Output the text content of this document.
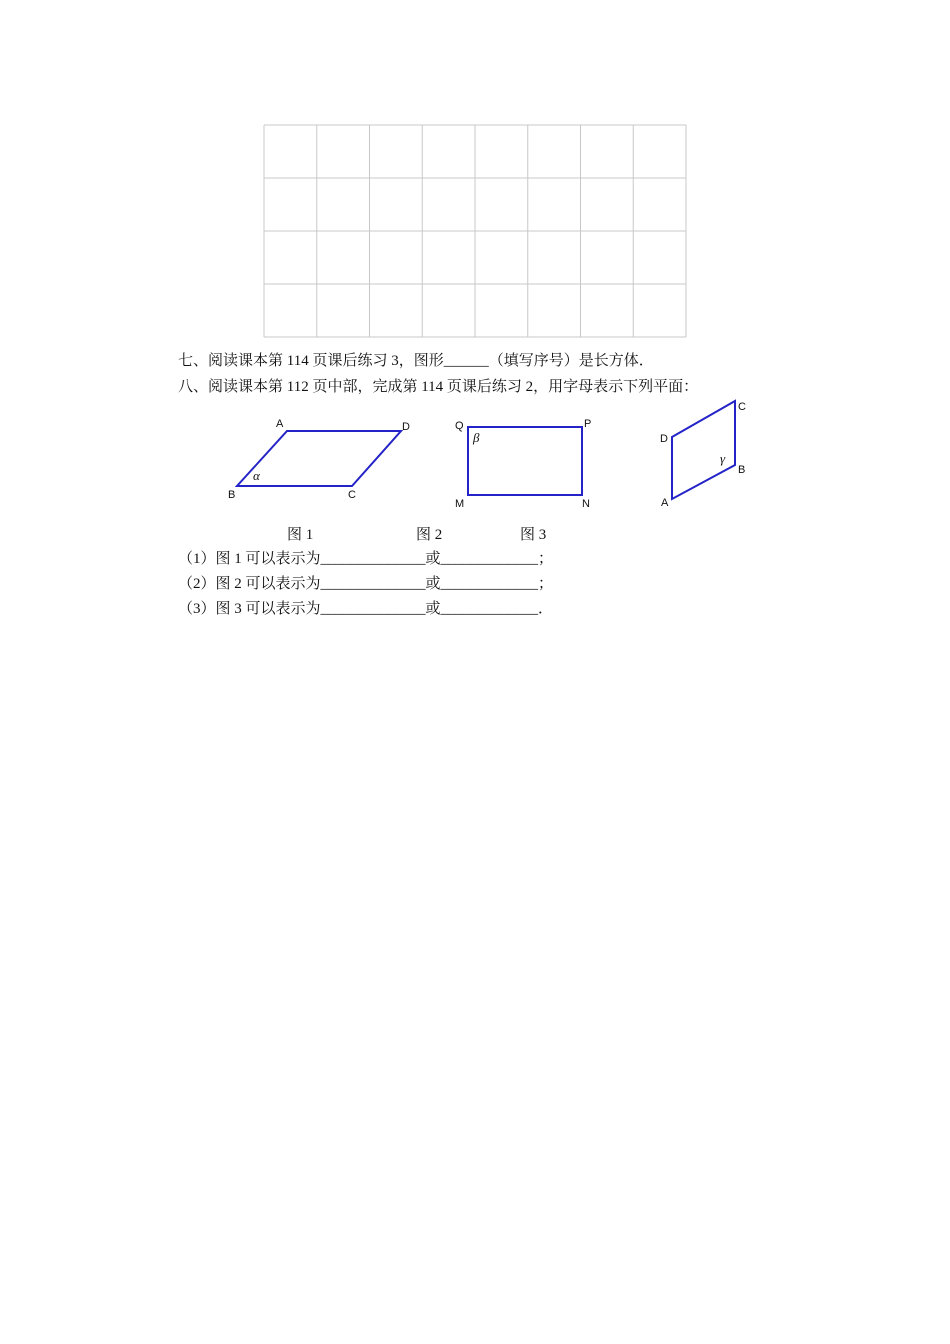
七、阅读课本第 114 页课后练习 3，图形______（填写序号）是长方体．
八、阅读课本第 112 页中部，完成第 114 页课后练习 2，用字母表示下列平面：
A	D
B	C
α
Q	P
M	N
β
C
D
B
A
γ
图 1	图 2	图 3
（1）图 1 可以表示为______________或_____________；
（2）图 2 可以表示为______________或_____________；
（3）图 3 可以表示为______________或_____________．
